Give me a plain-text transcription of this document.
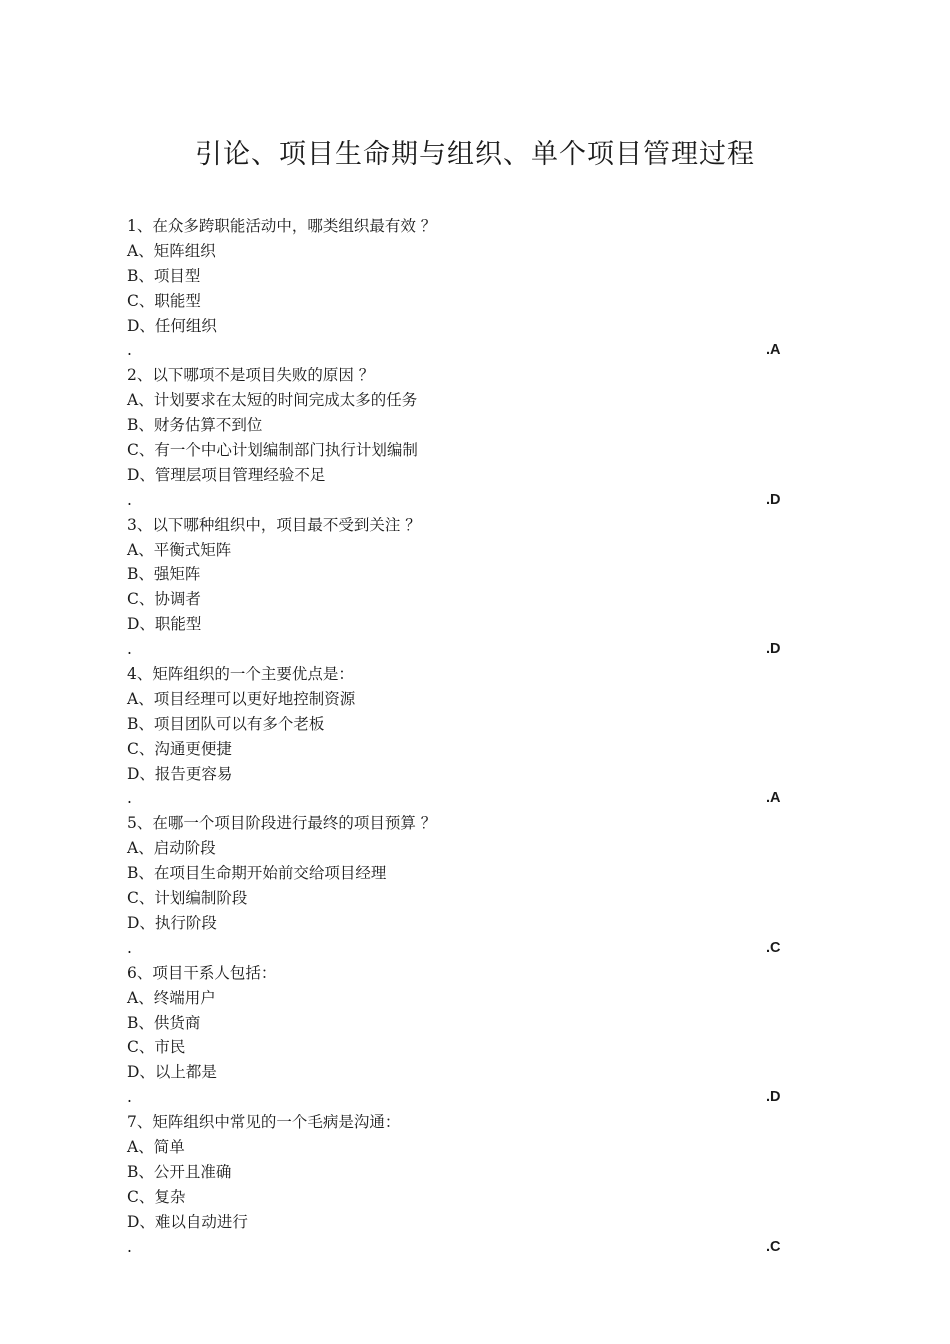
引论、项目生命期与组织、单个项目管理过程
1、在众多跨职能活动中，哪类组织最有效 ？
A、矩阵组织
B、项目型
C、职能型
D、任何组织
.	.A
2、以下哪项不是项目失败的原因 ？
A、计划要求在太短的时间完成太多的任务
B、财务估算不到位
C、有一个中心计划编制部门执行计划编制
D、管理层项目管理经验不足
.	.D
3、以下哪种组织中，项目最不受到关注 ？
A、平衡式矩阵
B、强矩阵
C、协调者
D、职能型
.	.D
4、矩阵组织的一个主要优点是：
A、项目经理可以更好地控制资源
B、项目团队可以有多个老板
C、沟通更便捷
D、报告更容易
.	.A
5、在哪一个项目阶段进行最终的项目预算 ？
A、启动阶段
B、在项目生命期开始前交给项目经理
C、计划编制阶段
D、执行阶段
.	.C
6、项目干系人包括：
A、终端用户
B、供货商
C、市民
D、以上都是
.	.D
7、矩阵组织中常见的一个毛病是沟通：
A、简单
B、公开且准确
C、复杂
D、难以自动进行
.	.C
